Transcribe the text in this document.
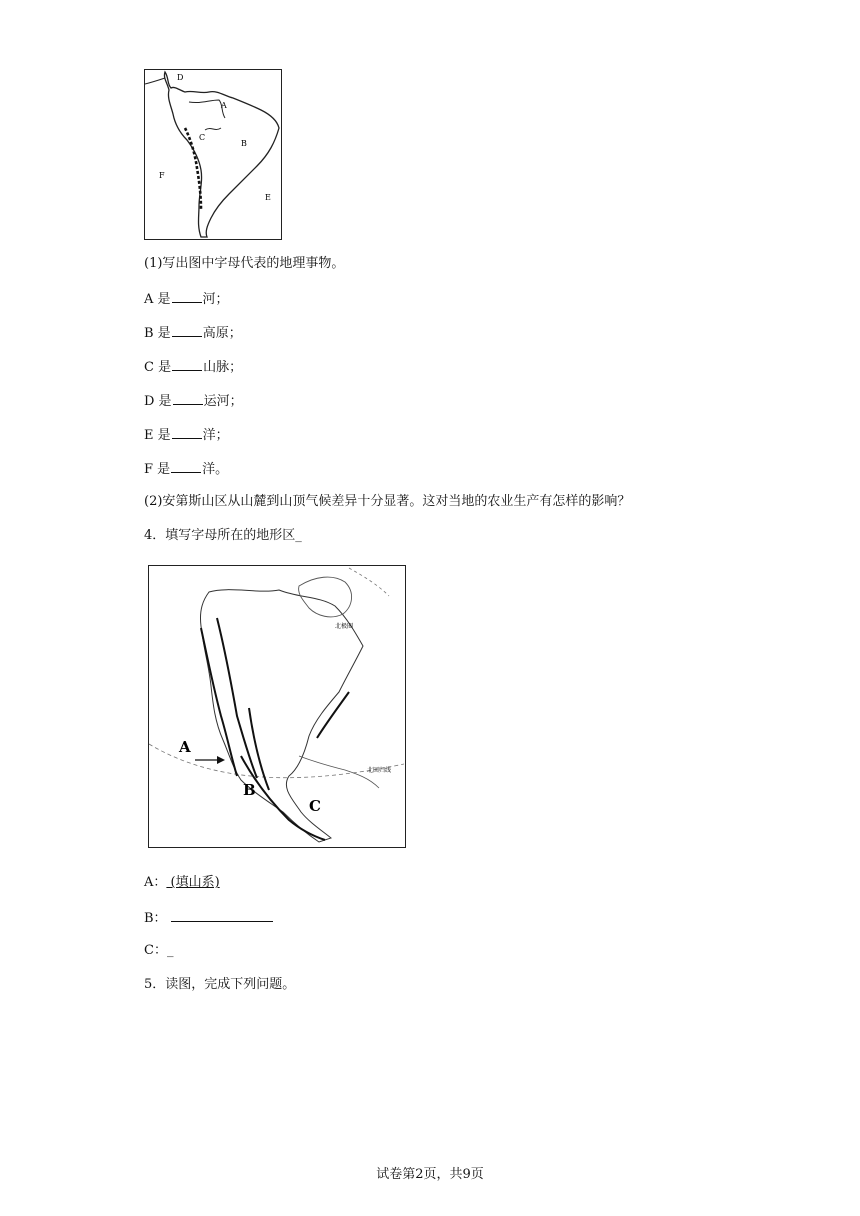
D
A
C
B
F
E
(1)写出图中字母代表的地理事物。
A 是 河；
B 是 高原；
C 是 山脉；
D 是 运河；
E 是 洋；
F 是 洋。
(2)安第斯山区从山麓到山顶气候差异十分显著。这对当地的农业生产有怎样的影响？
4．填写字母所在的地形区_
A
B
C
北极圈
北回归线
A： (填山系)
B：
C：_
5．读图，完成下列问题。
试卷第2页，共9页
